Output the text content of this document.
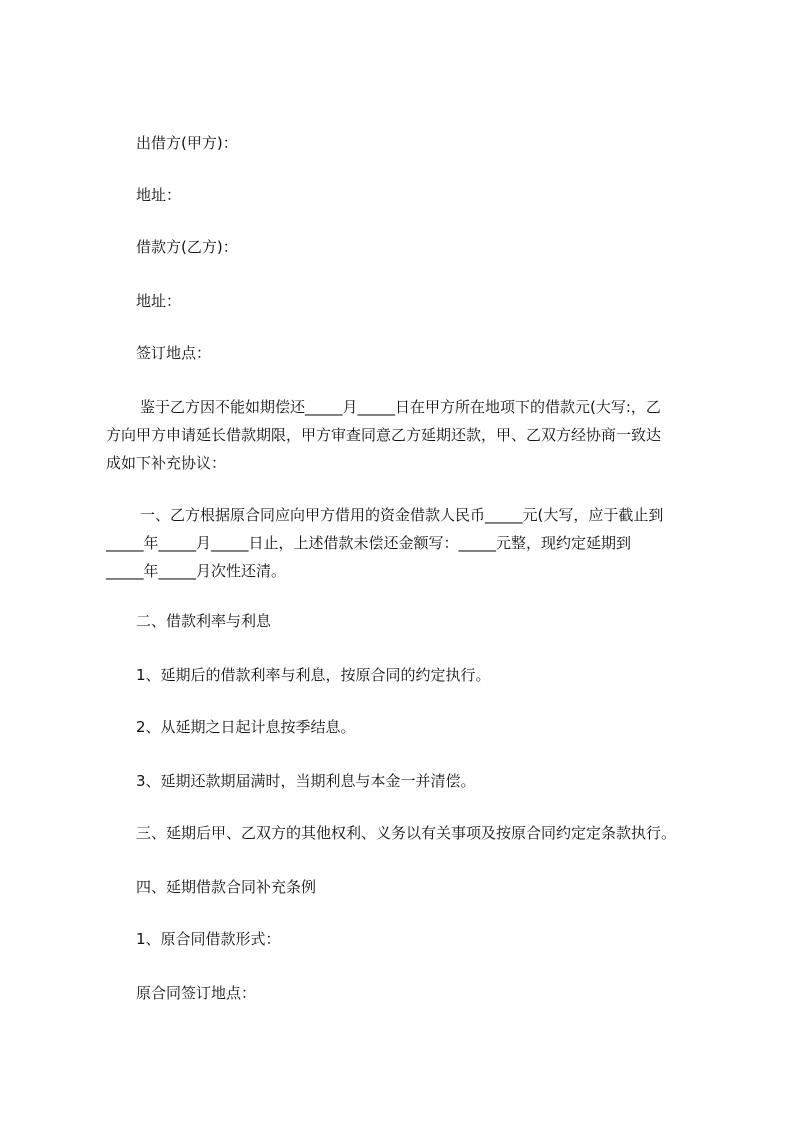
出借方(甲方)：
地址：
借款方(乙方)：
地址：
签订地点：
鉴于乙方因不能如期偿还_____月_____日在甲方所在地项下的借款元(大写:，乙
方向甲方申请延长借款期限，甲方审查同意乙方延期还款，甲、乙双方经协商一致达
成如下补充协议：
一、乙方根据原合同应向甲方借用的资金借款人民币_____元(大写，应于截止到
_____年_____月_____日止，上述借款未偿还金额写：_____元整，现约定延期到
_____年_____月次性还清。
二、借款利率与利息
1、延期后的借款利率与利息，按原合同的约定执行。
2、从延期之日起计息按季结息。
3、延期还款期届满时，当期利息与本金一并清偿。
三、延期后甲、乙双方的其他权利、义务以有关事项及按原合同约定定条款执行。
四、延期借款合同补充条例
1、原合同借款形式：
原合同签订地点：
